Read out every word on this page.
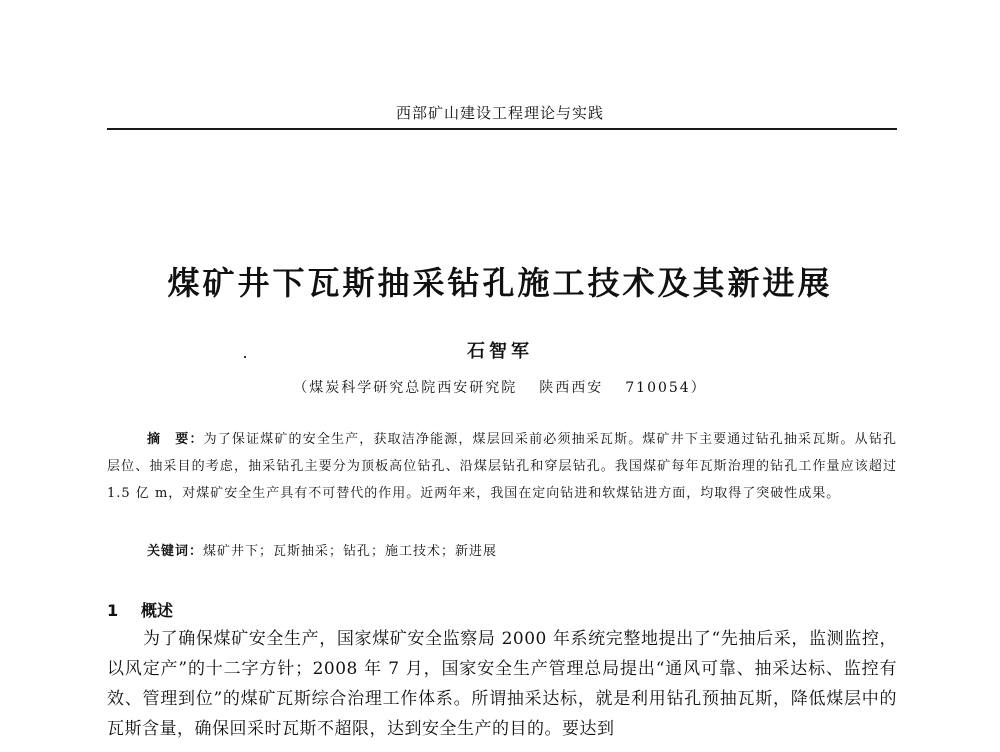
西部矿山建设工程理论与实践
煤矿井下瓦斯抽采钻孔施工技术及其新进展
石智军
（煤炭科学研究总院西安研究院 陕西西安 710054）

摘　要：为了保证煤矿的安全生产，获取洁净能源，煤层回采前必须抽采瓦斯。煤矿井下主要通过钻孔抽采瓦斯。从钻孔层位、抽采目的考虑，抽采钻孔主要分为顶板高位钻孔、沿煤层钻孔和穿层钻孔。我国煤矿每年瓦斯治理的钻孔工作量应该超过 1.5 亿 m，对煤矿安全生产具有不可替代的作用。近两年来，我国在定向钻进和软煤钻进方面，均取得了突破性成果。

关键词：煤矿井下；瓦斯抽采；钻孔；施工技术；新进展
1 概述

为了确保煤矿安全生产，国家煤矿安全监察局 2000 年系统完整地提出了“先抽后采，监测监控，以风定产”的十二字方针；2008 年 7 月，国家安全生产管理总局提出“通风可靠、抽采达标、监控有效、管理到位”的煤矿瓦斯综合治理工作体系。所谓抽采达标，就是利用钻孔预抽瓦斯，降低煤层中的瓦斯含量，确保回采时瓦斯不超限，达到安全生产的目的。要达到
